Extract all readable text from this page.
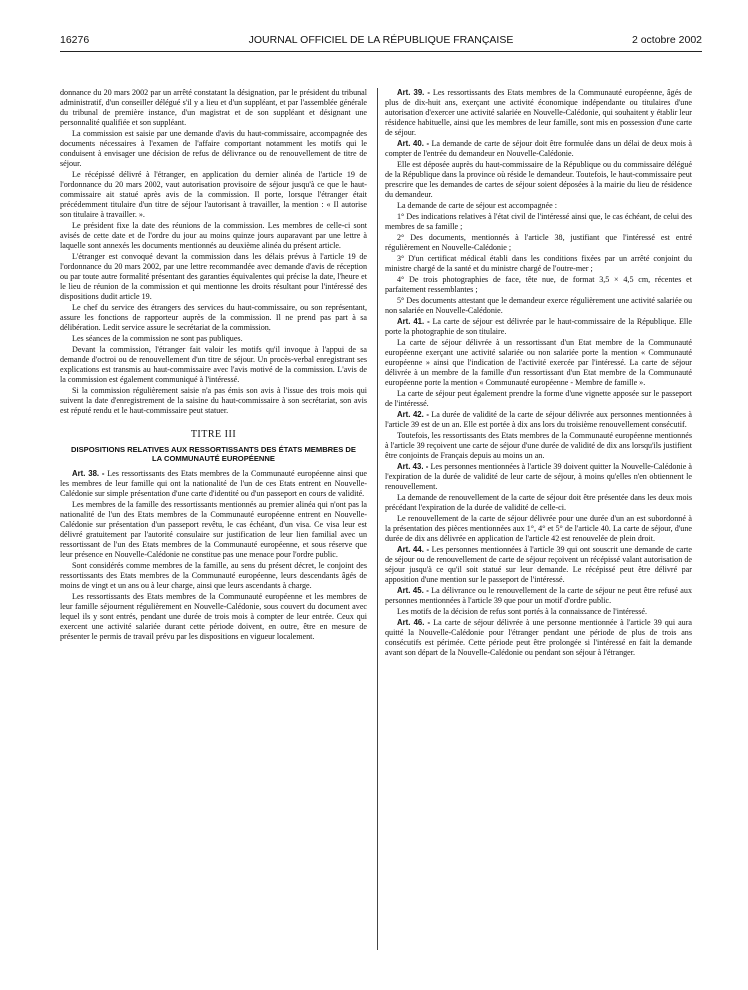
16276	JOURNAL OFFICIEL DE LA RÉPUBLIQUE FRANÇAISE	2 octobre 2002

donnance du 20 mars 2002 par un arrêté constatant la désignation, par le président du tribunal administratif, d'un conseiller délégué s'il y a lieu et d'un suppléant, et par l'assemblée générale du tribunal de première instance, d'un magistrat et de son suppléant et désignant une personnalité qualifiée et son suppléant.

La commission est saisie par une demande d'avis du haut-commissaire, accompagnée des documents nécessaires à l'examen de l'affaire comportant notamment les motifs qui le conduisent à envisager une décision de refus de délivrance ou de renouvellement de titre de séjour.

Le récépissé délivré à l'étranger, en application du dernier alinéa de l'article 19 de l'ordonnance du 20 mars 2002, vaut autorisation provisoire de séjour jusqu'à ce que le haut-commissaire ait statué après avis de la commission. Il porte, lorsque l'étranger était précédemment titulaire d'un titre de séjour l'autorisant à travailler, la mention : « Il autorise son titulaire à travailler. ».

Le président fixe la date des réunions de la commission. Les membres de celle-ci sont avisés de cette date et de l'ordre du jour au moins quinze jours auparavant par une lettre à laquelle sont annexés les documents mentionnés au deuxième alinéa du présent article.

L'étranger est convoqué devant la commission dans les délais prévus à l'article 19 de l'ordonnance du 20 mars 2002, par une lettre recommandée avec demande d'avis de réception ou par toute autre formalité présentant des garanties équivalentes qui précise la date, l'heure et le lieu de réunion de la commission et qui mentionne les droits résultant pour l'intéressé des dispositions dudit article 19.

Le chef du service des étrangers des services du haut-commissaire, ou son représentant, assure les fonctions de rapporteur auprès de la commission. Il ne prend pas part à sa délibération. Ledit service assure le secrétariat de la commission.

Les séances de la commission ne sont pas publiques.

Devant la commission, l'étranger fait valoir les motifs qu'il invoque à l'appui de sa demande d'octroi ou de renouvellement d'un titre de séjour. Un procès-verbal enregistrant ses explications est transmis au haut-commissaire avec l'avis motivé de la commission. L'avis de la commission est également communiqué à l'intéressé.

Si la commission régulièrement saisie n'a pas émis son avis à l'issue des trois mois qui suivent la date d'enregistrement de la saisine du haut-commissaire à son secrétariat, son avis est réputé rendu et le haut-commissaire peut statuer.

TITRE III
DISPOSITIONS RELATIVES AUX RESSORTISSANTS DES ÉTATS MEMBRES DE LA COMMUNAUTÉ EUROPÉENNE

Art. 38. - Les ressortissants des Etats membres de la Communauté européenne ainsi que les membres de leur famille qui ont la nationalité de l'un de ces Etats entrent en Nouvelle-Calédonie sur simple présentation d'une carte d'identité ou d'un passeport en cours de validité.

Les membres de la famille des ressortissants mentionnés au premier alinéa qui n'ont pas la nationalité de l'un des Etats membres de la Communauté européenne entrent en Nouvelle-Calédonie sur présentation d'un passeport revêtu, le cas échéant, d'un visa. Ce visa leur est délivré gratuitement par l'autorité consulaire sur justification de leur lien familial avec un ressortissant de l'un des Etats membres de la Communauté européenne, et sous réserve que leur présence en Nouvelle-Calédonie ne constitue pas une menace pour l'ordre public.

Sont considérés comme membres de la famille, au sens du présent décret, le conjoint des ressortissants des Etats membres de la Communauté européenne, leurs descendants âgés de moins de vingt et un ans ou à leur charge, ainsi que leurs ascendants à charge.

Les ressortissants des Etats membres de la Communauté européenne et les membres de leur famille séjournent régulièrement en Nouvelle-Calédonie, sous couvert du document avec lequel ils y sont entrés, pendant une durée de trois mois à compter de leur entrée. Ceux qui exercent une activité salariée durant cette période doivent, en outre, être en mesure de présenter le permis de travail prévu par les dispositions en vigueur localement.

Art. 39. - Les ressortissants des Etats membres de la Communauté européenne, âgés de plus de dix-huit ans, exerçant une activité économique indépendante ou titulaires d'une autorisation d'exercer une activité salariée en Nouvelle-Calédonie, qui souhaitent y établir leur résidence habituelle, ainsi que les membres de leur famille, sont mis en possession d'une carte de séjour.

Art. 40. - La demande de carte de séjour doit être formulée dans un délai de deux mois à compter de l'entrée du demandeur en Nouvelle-Calédonie.

Elle est déposée auprès du haut-commissaire de la République ou du commissaire délégué de la République dans la province où réside le demandeur. Toutefois, le haut-commissaire peut prescrire que les demandes de cartes de séjour soient déposées à la mairie du lieu de résidence du demandeur.

La demande de carte de séjour est accompagnée :

1° Des indications relatives à l'état civil de l'intéressé ainsi que, le cas échéant, de celui des membres de sa famille ;

2° Des documents, mentionnés à l'article 38, justifiant que l'intéressé est entré régulièrement en Nouvelle-Calédonie ;

3° D'un certificat médical établi dans les conditions fixées par un arrêté conjoint du ministre chargé de la santé et du ministre chargé de l'outre-mer ;

4° De trois photographies de face, tête nue, de format 3,5 × 4,5 cm, récentes et parfaitement ressemblantes ;

5° Des documents attestant que le demandeur exerce régulièrement une activité salariée ou non salariée en Nouvelle-Calédonie.

Art. 41. - La carte de séjour est délivrée par le haut-commissaire de la République. Elle porte la photographie de son titulaire.

La carte de séjour délivrée à un ressortissant d'un Etat membre de la Communauté européenne exerçant une activité salariée ou non salariée porte la mention « Communauté européenne » ainsi que l'indication de l'activité exercée par l'intéressé. La carte de séjour délivrée à un membre de la famille d'un ressortissant d'un Etat membre de la Communauté européenne porte la mention « Communauté européenne - Membre de famille ».

La carte de séjour peut également prendre la forme d'une vignette apposée sur le passeport de l'intéressé.

Art. 42. - La durée de validité de la carte de séjour délivrée aux personnes mentionnées à l'article 39 est de un an. Elle est portée à dix ans lors du troisième renouvellement consécutif.

Toutefois, les ressortissants des Etats membres de la Communauté européenne mentionnés à l'article 39 reçoivent une carte de séjour d'une durée de validité de dix ans lorsqu'ils justifient être conjoints de Français depuis au moins un an.

Art. 43. - Les personnes mentionnées à l'article 39 doivent quitter la Nouvelle-Calédonie à l'expiration de la durée de validité de leur carte de séjour, à moins qu'elles n'en obtiennent le renouvellement.

La demande de renouvellement de la carte de séjour doit être présentée dans les deux mois précédant l'expiration de la durée de validité de celle-ci.

Le renouvellement de la carte de séjour délivrée pour une durée d'un an est subordonné à la présentation des pièces mentionnées aux 1°, 4° et 5° de l'article 40. La carte de séjour, d'une durée de dix ans délivrée en application de l'article 42 est renouvelée de plein droit.

Art. 44. - Les personnes mentionnées à l'article 39 qui ont souscrit une demande de carte de séjour ou de renouvellement de carte de séjour reçoivent un récépissé valant autorisation de séjour jusqu'à ce qu'il soit statué sur leur demande. Le récépissé peut être délivré par apposition d'une mention sur le passeport de l'intéressé.

Art. 45. - La délivrance ou le renouvellement de la carte de séjour ne peut être refusé aux personnes mentionnées à l'article 39 que pour un motif d'ordre public.

Les motifs de la décision de refus sont portés à la connaissance de l'intéressé.

Art. 46. - La carte de séjour délivrée à une personne mentionnée à l'article 39 qui aura quitté la Nouvelle-Calédonie pour l'étranger pendant une période de plus de trois ans consécutifs est périmée. Cette période peut être prolongée si l'intéressé en fait la demande avant son départ de la Nouvelle-Calédonie ou pendant son séjour à l'étranger.
